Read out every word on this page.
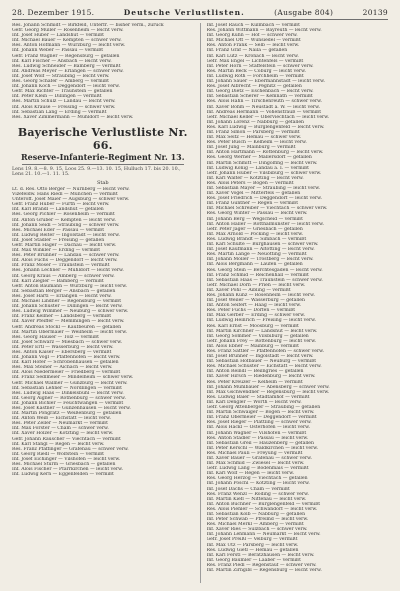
28. Dezember 1915.	Deutsche Verlustlisten.	(Ausgabe 804)	20139
Res. Johann Schmidt — Birkfeld, Unterfr. — bisher verm., zurück
Gefr. Georg Müller — Rosenheim — leicht verw.
Inf. Josef Huber — Landshut — vermißt
Inf. Michael Bauer — Kempten — schwer verw.
Res. Anton Hofmann — Würzburg — leicht verw.
Inf. Johann Weber — Passau — vermißt
Gefr. Franz Wagner — Regensburg — gefallen
Inf. Karl Fischer — Ansbach — leicht verw.
Res. Ludwig Schneider — Bamberg — vermißt
Inf. Andreas Meyer — Erlangen — schwer verw.
Inf. Josef Wolf — Straubing — leicht verw.
Res. Georg Schäfer — Amberg — vermißt
Inf. Johann Koch — Deggendorf — leicht verw.
Gefr. Max Richter — Traunstein — gefallen
Inf. Peter Klein — Dillingen — vermißt
Res. Martin Schulz — Landau — leicht verw.
Inf. Alois Krause — Freising — schwer verw.
Inf. Sebastian Lang — Erding — vermißt
Res. Xaver Zimmermann — Mühldorf — leicht verw.
Bayerische Verlustliste Nr. 66.
Reserve-Infanterie-Regiment Nr. 13.
Lens 19. 8.—8. 9. 15, Loos 25. 9.—13. 10. 15, Hulluch 17. bis 20. 10., Lens 21. 10.—1. 11. 15.
Stab
Lt. d. Res. Otto Berger — Nürnberg — leicht verw.
Vizefeldw. Hans Riedl — München — vermißt
Unteroff. Josef Maier — Augsburg — schwer verw.
Gefr. Franz Huber — Fürth — leicht verw.
Inf. Karl Brandl — Landshut — gefallen
Res. Georg Pichler — Rosenheim — vermißt
Inf. Anton Gruber — Kempten — leicht verw.
Inf. Johann Seidl — Straubing — schwer verw.
Res. Michael Eder — Passau — vermißt
Inf. Ludwig Reiter — Ingolstadt — leicht verw.
Inf. Josef Stadler — Freising — gefallen
Gefr. Martin Hager — Dachau — leicht verw.
Inf. Max Winkler — Erding — vermißt
Res. Peter Brunner — Landau — schwer verw.
Inf. Alois Fuchs — Deggendorf — leicht verw.
Inf. Franz Moser — Traunstein — vermißt
Res. Johann Lechner — Mühldorf — leicht verw.
Inf. Georg Kraus — Amberg — schwer verw.
Inf. Karl Ziegler — Bamberg — vermißt
Gefr. Anton Baumann — Würzburg — leicht verw.
Inf. Sebastian Berger — Ansbach — gefallen
Res. Josef Hartl — Erlangen — leicht verw.
Inf. Michael Lindner — Regensburg — vermißt
Inf. Johann Schuster — Dillingen — leicht verw.
Res. Ludwig Wimmer — Neuburg — schwer verw.
Inf. Franz Kellner — Landsberg — vermißt
Inf. Xaver Pfeiffer — Memmingen — leicht verw.
Gefr. Andreas Stöckl — Kaufbeuren — gefallen
Inf. Martin Obermaier — Weilheim — leicht verw.
Res. Georg Hauser — Tölz — vermißt
Inf. Josef Schwarz — Miesbach — schwer verw.
Inf. Peter Ertl — Wasserburg — leicht verw.
Res. Anton Kaiser — Ebersberg — vermißt
Inf. Johann Vogl — Pfaffenhofen — leicht verw.
Inf. Karl Hofer — Schrobenhausen — gefallen
Res. Max Steiner — Aichach — leicht verw.
Inf. Alois Niedermeier — Friedberg — vermißt
Inf. Franz Sedlmeier — Mindelheim — schwer verw.
Gefr. Michael Wallner — Günzburg — leicht verw.
Inf. Sebastian Lehner — Nördlingen — vermißt
Res. Ludwig Haas — Dinkelsbühl — leicht verw.
Inf. Georg Aigner — Rothenburg — schwer verw.
Inf. Johann Bichler — Feuchtwangen — vermißt
Res. Josef Kastner — Gunzenhausen — leicht verw.
Inf. Martin Pongratz — Weißenburg — gefallen
Inf. Anton Weiß — Eichstätt — leicht verw.
Res. Peter Zeller — Neumarkt — vermißt
Inf. Max Forster — Cham — schwer verw.
Inf. Xaver Holzer — Kötzting — leicht verw.
Gefr. Johann Rauscher — Viechtach — vermißt
Inf. Karl Stangl — Regen — leicht verw.
Res. Franz Pfaffinger — Grafenau — schwer verw.
Inf. Georg Riedl — Wolfstein — vermißt
Inf. Josef Eichinger — Vilshofen — leicht verw.
Res. Michael Sturm — Griesbach — gefallen
Inf. Alois Fischer — Pfarrkirchen — leicht verw.
Inf. Ludwig Kern — Eggenfelden — vermißt
Inf. Josef Rauch — Kulmbach — vermißt
Res. Johann Wittmann — Bayreuth — leicht verw.
Inf. Georg Kuhn — Hof — schwer verw.
Inf. Michael Ott — Wunsiedel — vermißt
Res. Anton Frank — Selb — leicht verw.
Inf. Franz Graf — Naila — gefallen
Inf. Karl Lutz — Kronach — leicht verw.
Gefr. Max Engel — Lichtenfels — vermißt
Inf. Peter Horn — Staffelstein — schwer verw.
Res. Martin Beck — Coburg — leicht verw.
Inf. Ludwig Roth — Forchheim — vermißt
Inf. Johann Sauer — Ebermannstadt — leicht verw.
Res. Josef Albrecht — Pegnitz — gefallen
Inf. Georg Dietz — Eschenbach — leicht verw.
Inf. Sebastian Scherer — Kemnath — vermißt
Res. Alois Hahn — Tirschenreuth — schwer verw.
Inf. Xaver Böhm — Neustadt a. W. — leicht verw.
Inf. Andreas Hermann — Vohenstrauß — vermißt
Gefr. Michael Keller — Oberviechtach — leicht verw.
Inf. Johann Lorenz — Nabburg — gefallen
Res. Karl Ludwig — Burglengenfeld — leicht verw.
Inf. Franz Simon — Parsberg — vermißt
Inf. Max Seitz — Hemau — schwer verw.
Res. Peter Busch — Kelheim — leicht verw.
Inf. Josef Jung — Mainburg — vermißt
Inf. Anton Hartmann — Rottenburg — leicht verw.
Res. Georg Werner — Mallersdorf — gefallen
Inf. Martin Schmitt — Dingolfing — leicht verw.
Inf. Ludwig König — Landau a. I. — vermißt
Gefr. Johann Huber — Vilsbiburg — schwer verw.
Inf. Karl Walter — Kötzting — leicht verw.
Res. Alois Peters — Bogen — vermißt
Inf. Sebastian Mayer — Straubing — leicht verw.
Inf. Xaver Vogel — Mitterfels — gefallen
Res. Josef Friedrich — Deggendorf — leicht verw.
Inf. Franz Günther — Regen — vermißt
Inf. Michael Schreiber — Viechtach — schwer verw.
Res. Georg Winter — Passau — leicht verw.
Inf. Johann Berg — Wegscheid — vermißt
Inf. Anton Haller — Rotthalmünster — leicht verw.
Gefr. Peter Jäger — Griesbach — gefallen
Inf. Max Arnold — Pocking — leicht verw.
Res. Ludwig Brandt — Simbach — vermißt
Inf. Karl Schulte — Burghausen — schwer verw.
Inf. Josef Kaufmann — Altötting — leicht verw.
Res. Martin Lange — Neuötting — vermißt
Inf. Johann Möller — Trostberg — leicht verw.
Inf. Alois Bergmann — Laufen — gefallen
Res. Georg Stein — Berchtesgaden — leicht verw.
Inf. Franz Schmid — Reichenhall — vermißt
Inf. Sebastian Haas — Traunstein — schwer verw.
Gefr. Michael Dorn — Prien — leicht verw.
Inf. Xaver Pohl — Aibling — vermißt
Res. Johann Kunz — Rosenheim — leicht verw.
Inf. Josef Weiler — Wasserburg — gefallen
Inf. Anton Seifert — Haag — leicht verw.
Res. Peter Fuchs — Dorfen — vermißt
Inf. Max Gerber — Erding — schwer verw.
Inf. Ludwig Heinrich — Freising — leicht verw.
Res. Karl Ernst — Moosburg — vermißt
Inf. Martin Kirchner — Landshut — leicht verw.
Inf. Georg Sommer — Vilsbiburg — gefallen
Gefr. Johann Frey — Rottenburg — leicht verw.
Inf. Alois Ebner — Mainburg — vermißt
Res. Franz Sattler — Pfaffenhofen — schwer verw.
Inf. Josef Brunner — Ingolstadt — leicht verw.
Inf. Sebastian Hofbauer — Neuburg — vermißt
Res. Michael Schuster — Eichstätt — leicht verw.
Inf. Anton Reindl — Beilngries — gefallen
Inf. Xaver Hirsch — Riedenburg — leicht verw.
Res. Peter Kreuzer — Kelheim — vermißt
Inf. Johann Mühlbauer — Abensberg — schwer verw.
Inf. Max Gschwendner — Regensburg — leicht verw.
Res. Ludwig Baier — Stadtamhof — vermißt
Inf. Karl Dengler — Wörth — leicht verw.
Gefr. Georg Attenberger — Straubing — gefallen
Inf. Martin Schwaiger — Bogen — leicht verw.
Inf. Franz Obermeier — Deggendorf — vermißt
Res. Josef Rieger — Plattling — schwer verw.
Inf. Alois Hackl — Osterhofen — leicht verw.
Inf. Johann Wagner — Vilshofen — vermißt
Res. Anton Stadler — Passau — leicht verw.
Inf. Sebastian Greil — Hauzenberg — gefallen
Inf. Peter Kerschl — Waldkirchen — leicht verw.
Res. Michael Pauli — Freyung — vermißt
Inf. Xaver Bauer — Grafenau — schwer verw.
Inf. Max Schmid — Zwiesel — leicht verw.
Gefr. Ludwig Lang — Bodenmais — vermißt
Inf. Karl Wolf — Regen — leicht verw.
Res. Georg Herzog — Viechtach — gefallen
Inf. Johann Pöschl — Kötzting — leicht verw.
Inf. Josef Dachs — Cham — vermißt
Res. Franz Wenzl — Roding — schwer verw.
Inf. Martin Kiefl — Nittenau — leicht verw.
Inf. Anton Buchner — Burglengenfeld — vermißt
Res. Alois Piehler — Schwandorf — leicht verw.
Inf. Sebastian Kolb — Nabburg — gefallen
Inf. Peter Schwab — Pfreimd — leicht verw.
Res. Michael Merkl — Amberg — vermißt
Inf. Xaver Ries — Sulzbach — schwer verw.
Inf. Johann Lehmann — Neumarkt — leicht verw.
Gefr. Josef Preißl — Velburg — vermißt
Inf. Max Utz — Parsberg — leicht verw.
Res. Ludwig Gietl — Hemau — gefallen
Inf. Karl Ferstl — Beratzhausen — leicht verw.
Inf. Georg Bäumler — Laaber — vermißt
Res. Franz Pledl — Regenstauf — schwer verw.
Inf. Martin Zirngibl — Regensburg — leicht verw.
